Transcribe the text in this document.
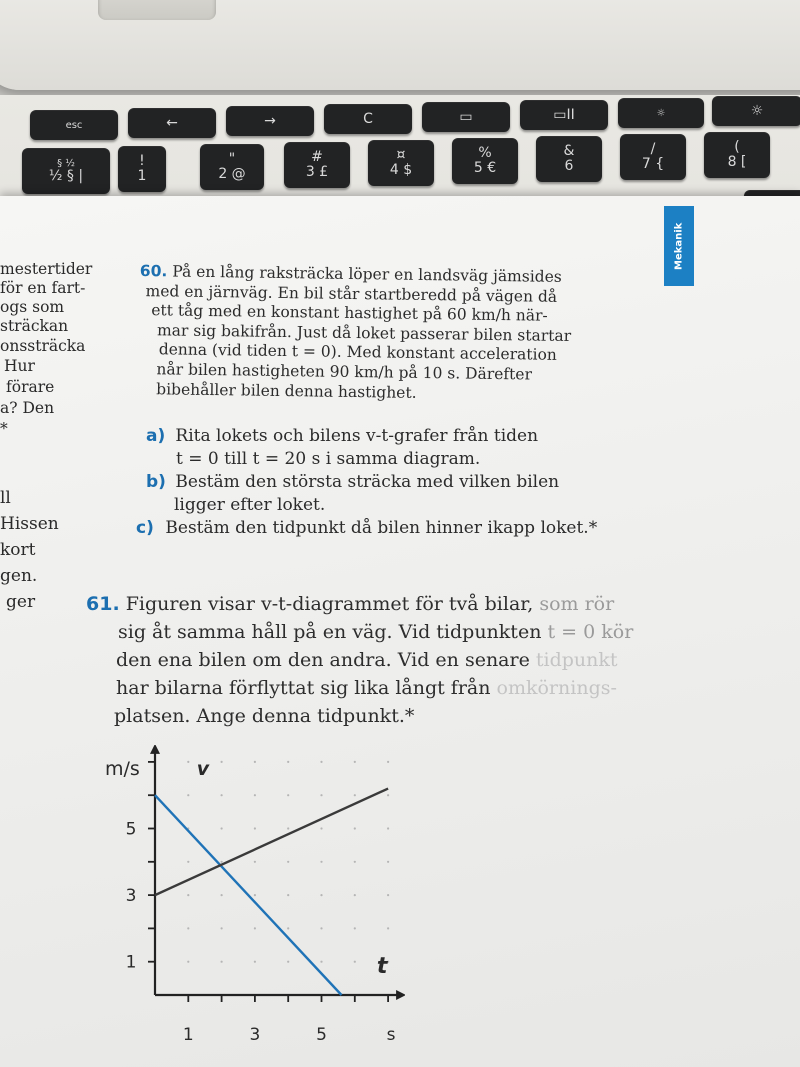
esc	←	→	C	▭	▭II	☼	☼
§ ½
½ § |
!
1
"
2 @
#
3 £
¤
4 $
%
5 €
&
6
/
7 {
(
8 [
Mekanik
mestertider
för en fart-
ogs som
sträckan
onssträcka
Hur
förare
a? Den
*
ll
Hissen
kort
gen.
ger
60. På en lång raksträcka löper en landsväg jämsides
med en järnväg. En bil står startberedd på vägen då
ett tåg med en konstant hastighet på 60 km/h när-
mar sig bakifrån. Just då loket passerar bilen startar
denna (vid tiden t = 0). Med konstant acceleration
når bilen hastigheten 90 km/h på 10 s. Därefter
bibehåller bilen denna hastighet.
a) Rita lokets och bilens v-t-grafer från tiden
t = 0 till t = 20 s i samma diagram.
b) Bestäm den största sträcka med vilken bilen
ligger efter loket.
c) Bestäm den tidpunkt då bilen hinner ikapp loket.*
61. Figuren visar v-t-diagrammet för två bilar, som rör
sig åt samma håll på en väg. Vid tidpunkten t = 0 kör
den ena bilen om den andra. Vid en senare tidpunkt
har bilarna förflyttat sig lika långt från omkörnings-
platsen. Ange denna tidpunkt.*
1	3	5
1
3
5
v
m/s
t
s
